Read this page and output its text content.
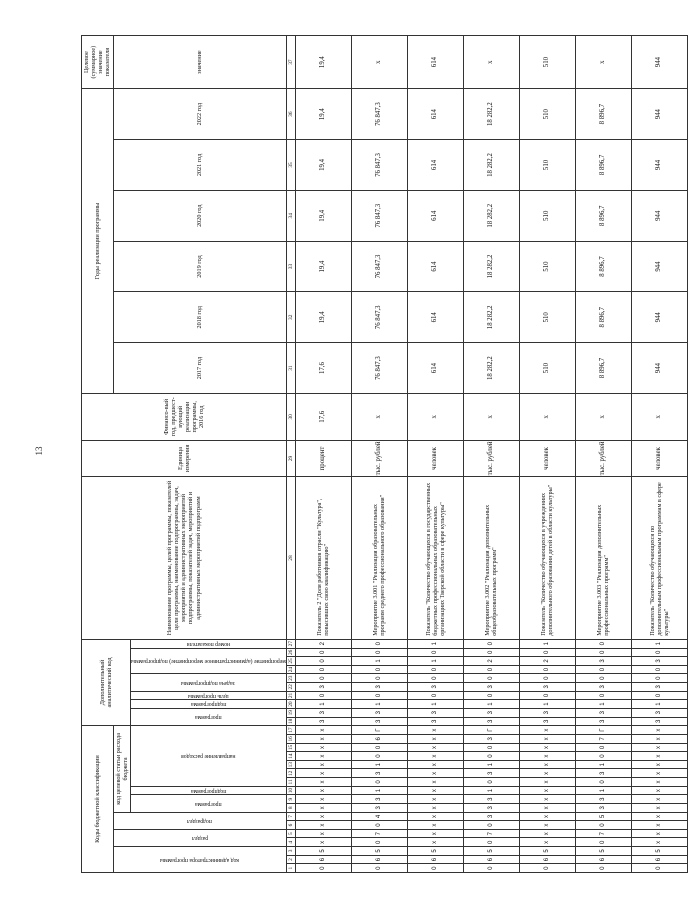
13
Коды бюджетной классификации																	Дополнительный аналитический код										Наименование программы, целей программы, показателей цели программы, наименование подпрограммы, задач, мероприятий и административных мероприятий подпрограммы, показателей задач, мероприятий и административных мероприятий подпрограмм	Единица измерения	Финансо-вый год, предшест-вующий реализации программы, 2016 год	Годы реализации программы						Целевое (суммарное) значение показателя

код администратора программы			раздел		подраздел		код целевой статьи расхода бюджета																							2017 год	2018 год	2019 год	2020 год	2021 год	2022 год	значение

							программа		подпрограмма	направление расходов							программа		подпрограмма	цель программы	задача подпрограммы		мероприятие (административное мероприятие) подпрограммы			номер показателя										

1	2	3	4	5	6	7	8	9	10	11	12	13	14	15	16	17	18	19	20	21	22	23	24	25	26	27	28	29	30	31	32	33	34	35	36	37
0	6	5	х	х	х	х	х	х	х	х	х	х	х	х	х	х	3	3	1	0	3	0	0	0	0	2	Показатель 2 "Доля работников отрасли "Культура", повысивших свою квалификацию"	процент	17,6	17,6	19,4	19,4	19,4	19,4	19,4	19,4
0	6	5	0	7	0	4	3	3	1	0	3	1	0	0	6	Г	3	3	1	0	3	0	0	1	0	0	Мероприятие 3.001 "Реализация образовательных программ среднего профессионального образования"	тыс. рублей	х	76 847,3	76 847,3	76 847,3	76 847,3	76 847,3	76 847,3	х
0	6	5	х	х	х	х	х	х	х	х	х	х	х	х	х	х	3	3	1	0	3	0	0	1	0	1	Показатель "Количество обучающихся в государственных бюджетных профессиональных образовательных организациях Тверской области в сфере культуры"	человек	х	614	614	614	614	614	614	614
0	6	5	0	7	0	3	3	3	1	0	3	1	0	0	3	Г	3	3	1	0	3	0	0	2	0	0	Мероприятие 3.002 "Реализация дополнительных общеобразовательных программ"	тыс. рублей	х	18 282,2	18 282,2	18 282,2	18 282,2	18 282,2	18 282,2	х
0	6	5	х	х	х	х	х	х	х	х	х	х	х	х	х	х	3	3	1	0	3	0	0	2	0	1	Показатель "Количество обучающихся в учреждениях дополнительного образования детей в области культуры"	человек	х	510	510	510	510	510	510	510
0	6	5	0	7	0	5	3	3	1	0	3	1	0	0	7	Г	3	3	1	0	3	0	0	3	0	0	Мероприятие 3.003 "Реализация дополнительных профессиональных программ"	тыс. рублей	х	8 896,7	8 896,7	8 896,7	8 896,7	8 896,7	8 896,7	х
0	6	5	х	х	х	х	х	х	х	х	х	х	х	х	х	х	3	3	1	0	3	0	0	3	0	1	Показатель "Количество обучающихся по дополнительным профессиональным программам в сфере культуры"	человек	х	944	944	944	944	944	944	944
